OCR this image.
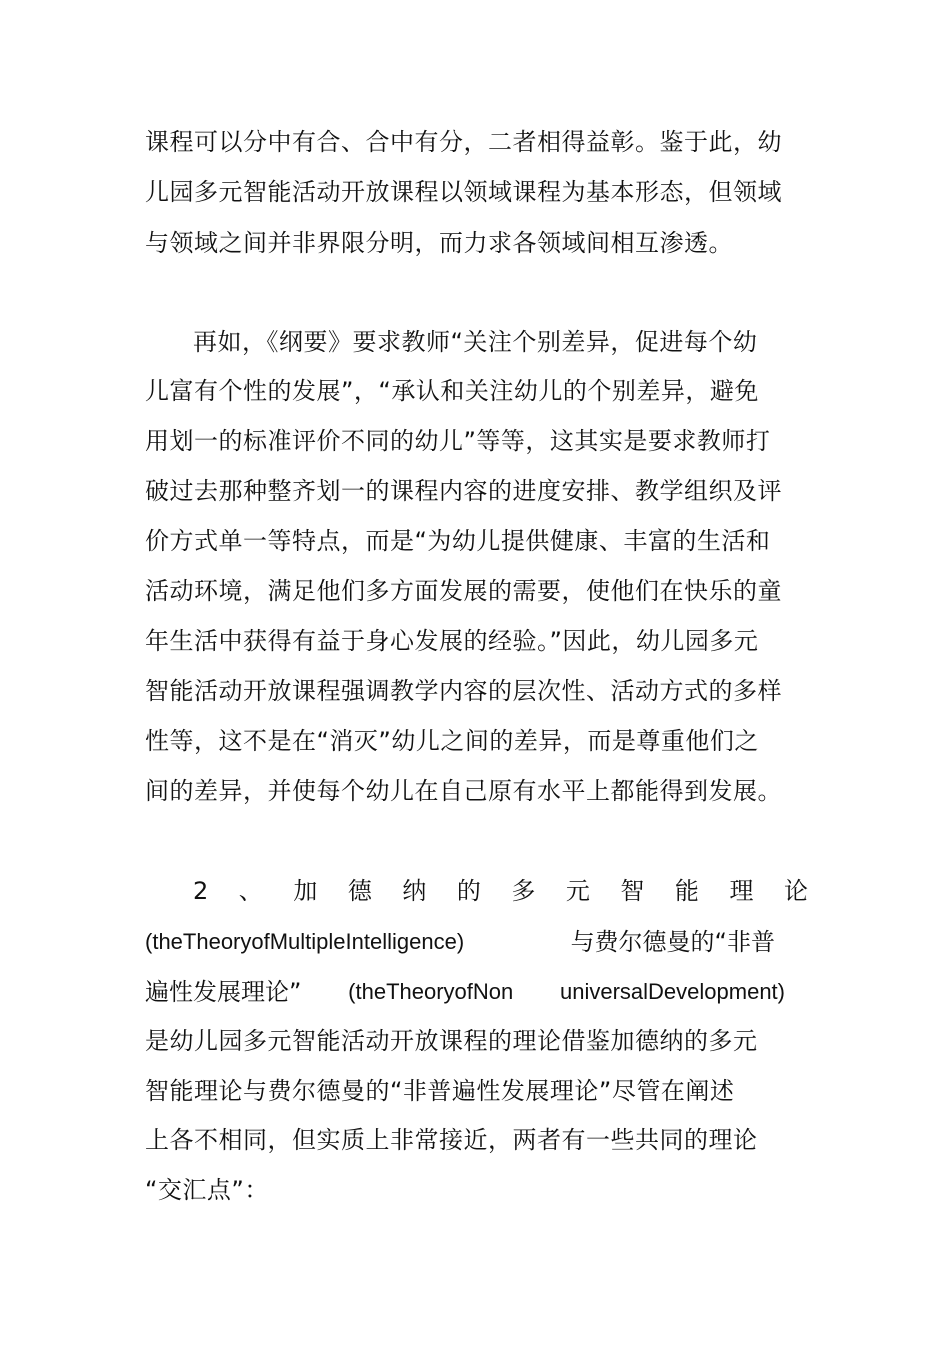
课程可以分中有合、合中有分，二者相得益彰。鉴于此，幼
儿园多元智能活动开放课程以领域课程为基本形态，但领域
与领域之间并非界限分明，而力求各领域间相互渗透。
再如，《纲要》要求教师“关注个别差异，促进每个幼
儿富有个性的发展”，“承认和关注幼儿的个别差异，避免
用划一的标准评价不同的幼儿”等等，这其实是要求教师打
破过去那种整齐划一的课程内容的进度安排、教学组织及评
价方式单一等特点，而是“为幼儿提供健康、丰富的生活和
活动环境，满足他们多方面发展的需要，使他们在快乐的童
年生活中获得有益于身心发展的经验。”因此，幼儿园多元
智能活动开放课程强调教学内容的层次性、活动方式的多样
性等，这不是在“消灭”幼儿之间的差异，而是尊重他们之
间的差异，并使每个幼儿在自己原有水平上都能得到发展。
2 、 加 德 纳 的 多 元 智 能 理 论
(theTheoryofMultipleIntelligence)	与费尔德曼的“非普
遍性发展理论” (theTheoryofNon universalDevelopment)
是幼儿园多元智能活动开放课程的理论借鉴加德纳的多元
智能理论与费尔德曼的“非普遍性发展理论”尽管在阐述
上各不相同，但实质上非常接近，两者有一些共同的理论
“交汇点”：
